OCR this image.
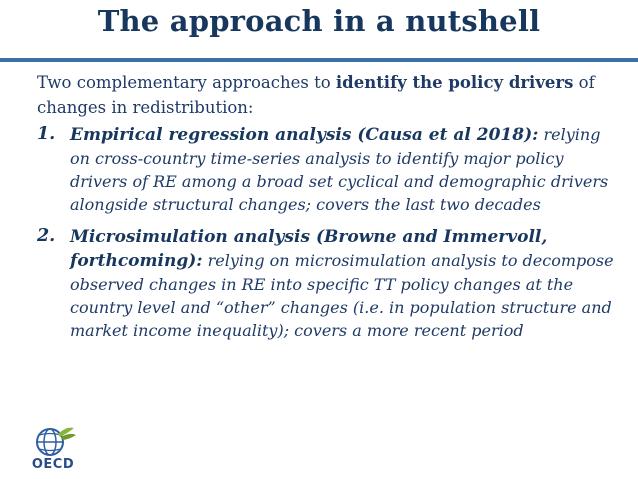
The approach in a nutshell
Two complementary approaches to identify the policy drivers of changes in redistribution:
1. Empirical regression analysis (Causa et al 2018): relying on cross-country time-series analysis to identify major policy drivers of RE among a broad set cyclical and demographic drivers alongside structural changes; covers the last two decades
2. Microsimulation analysis (Browne and Immervoll, forthcoming): relying on microsimulation analysis to decompose observed changes in RE into specific TT policy changes at the country level and “other” changes (i.e. in population structure and market income inequality); covers a more recent period
OECD
